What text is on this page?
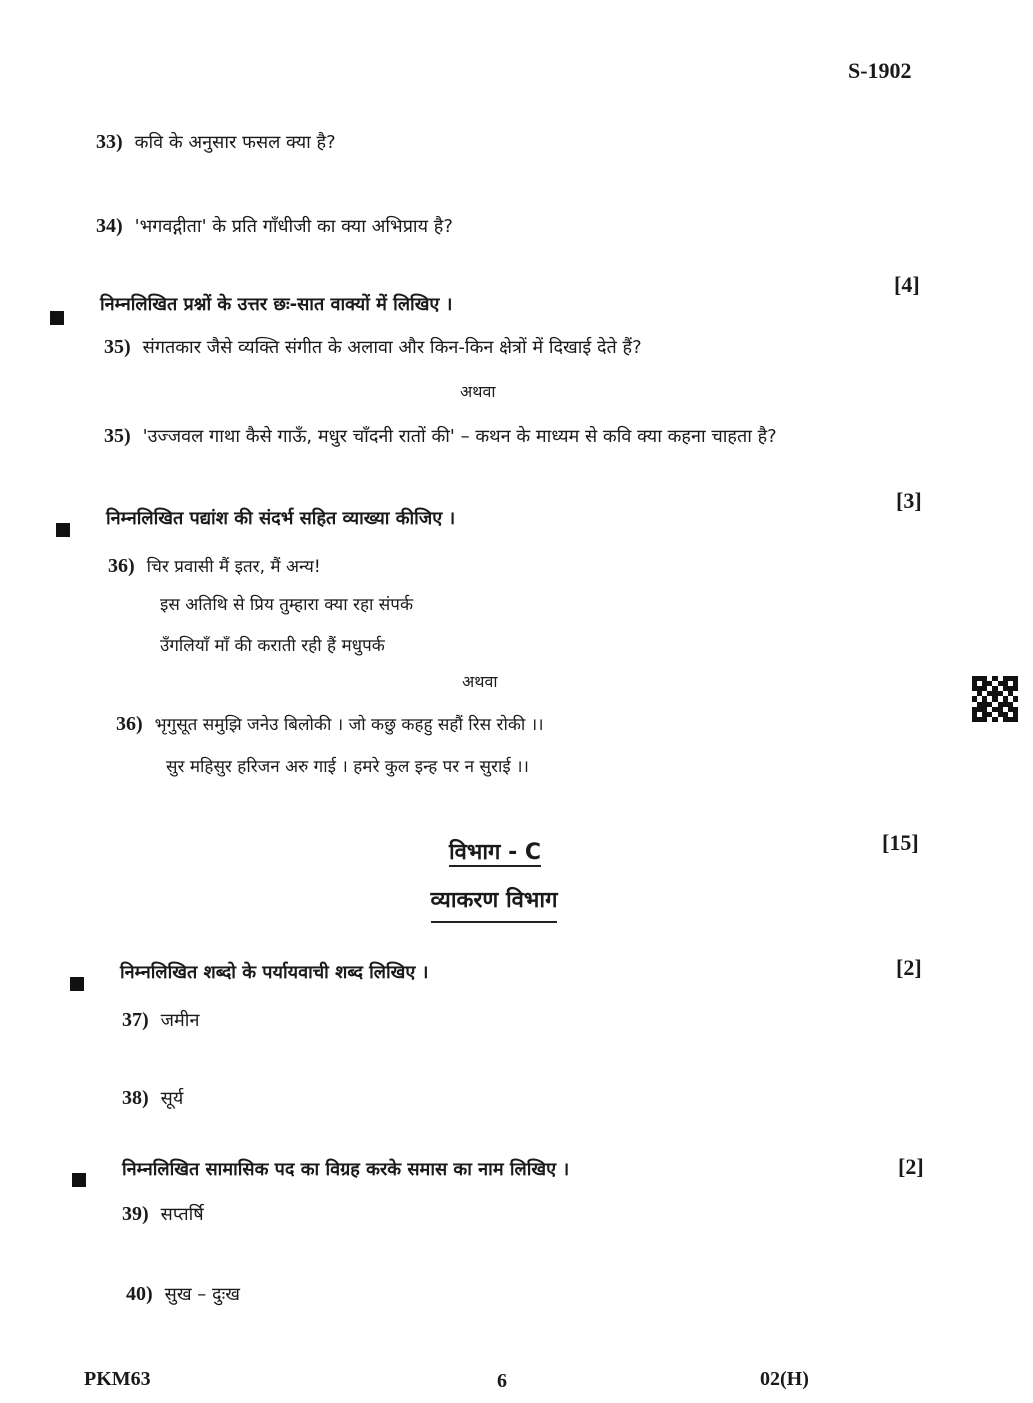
S-1902
33) कवि के अनुसार फसल क्या है?
34) 'भगवद्गीता' के प्रति गाँधीजी का क्या अभिप्राय है?
[4]
निम्नलिखित प्रश्नों के उत्तर छः-सात वाक्यों में लिखिए ।
35) संगतकार जैसे व्यक्ति संगीत के अलावा और किन-किन क्षेत्रों में दिखाई देते हैं?
अथवा
35) 'उज्जवल गाथा कैसे गाऊँ, मधुर चाँदनी रातों की' – कथन के माध्यम से कवि क्या कहना चाहता है?
[3]
निम्नलिखित पद्यांश की संदर्भ सहित व्याख्या कीजिए ।
36) चिर प्रवासी मैं इतर, मैं अन्य!
इस अतिथि से प्रिय तुम्हारा क्या रहा संपर्क
उँगलियाँ माँ की कराती रही हैं मधुपर्क
अथवा
36) भृगुसूत समुझि जनेउ बिलोकी । जो कछु कहहु सहौं रिस रोकी ।।
सुर महिसुर हरिजन अरु गाई । हमरे कुल इन्ह पर न सुराई ।।
विभाग - C	[15]
व्याकरण विभाग
[2]
निम्नलिखित शब्दो के पर्यायवाची शब्द लिखिए ।
37) जमीन
38) सूर्य
[2]
निम्नलिखित सामासिक पद का विग्रह करके समास का नाम लिखिए ।
39) सप्तर्षि
40) सुख – दुःख
PKM63	6	02(H)
